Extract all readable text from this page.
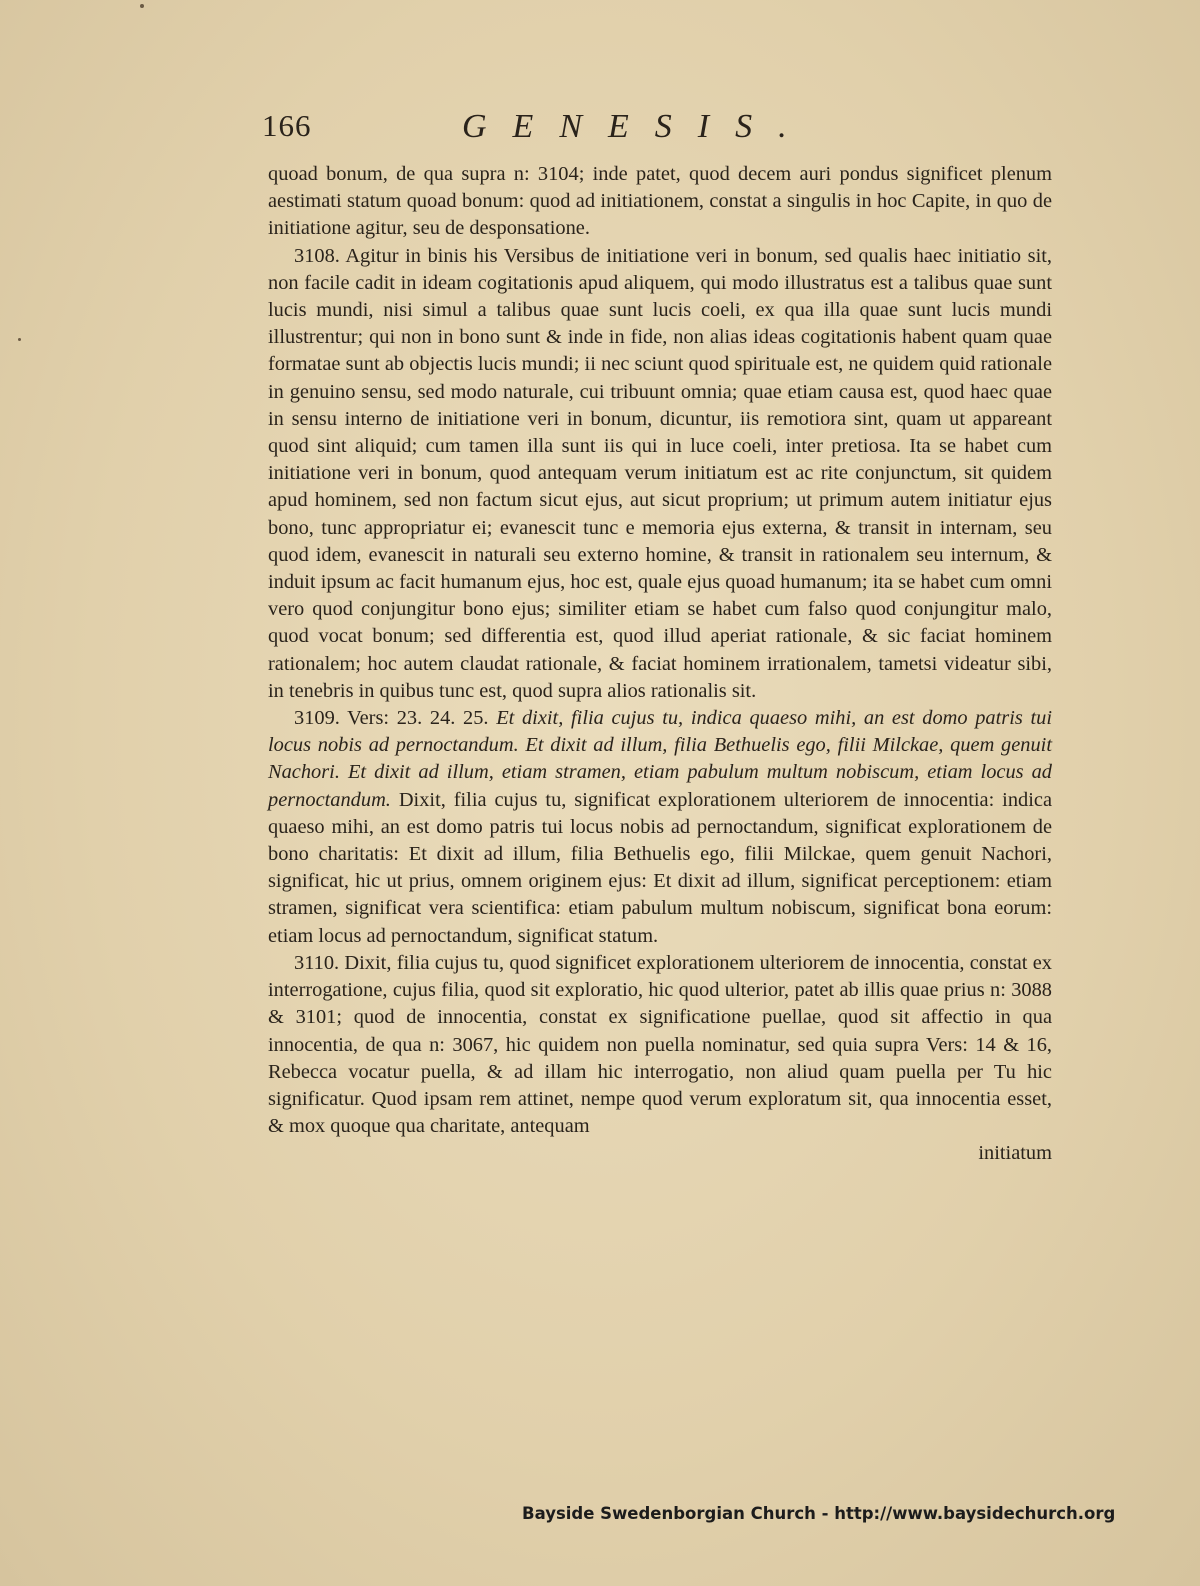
166	GENESIS.

quoad bonum, de qua supra n: 3104; inde patet, quod decem auri pondus significet plenum aestimati statum quoad bonum: quod ad initiationem, constat a singulis in hoc Capite, in quo de initiatione agitur, seu de desponsatione.

3108. Agitur in binis his Versibus de initiatione veri in bonum, sed qualis haec initiatio sit, non facile cadit in ideam cogitationis apud aliquem, qui modo illustratus est a talibus quae sunt lucis mundi, nisi simul a talibus quae sunt lucis coeli, ex qua illa quae sunt lucis mundi illustrentur; qui non in bono sunt & inde in fide, non alias ideas cogitationis habent quam quae formatae sunt ab objectis lucis mundi; ii nec sciunt quod spirituale est, ne quidem quid rationale in genuino sensu, sed modo naturale, cui tribuunt omnia; quae etiam causa est, quod haec quae in sensu interno de initiatione veri in bonum, dicuntur, iis remotiora sint, quam ut appareant quod sint aliquid; cum tamen illa sunt iis qui in luce coeli, inter pretiosa. Ita se habet cum initiatione veri in bonum, quod antequam verum initiatum est ac rite conjunctum, sit quidem apud hominem, sed non factum sicut ejus, aut sicut proprium; ut primum autem initiatur ejus bono, tunc appropriatur ei; evanescit tunc e memoria ejus externa, & transit in internam, seu quod idem, evanescit in naturali seu externo homine, & transit in rationalem seu internum, & induit ipsum ac facit humanum ejus, hoc est, quale ejus quoad humanum; ita se habet cum omni vero quod conjungitur bono ejus; similiter etiam se habet cum falso quod conjungitur malo, quod vocat bonum; sed differentia est, quod illud aperiat rationale, & sic faciat hominem rationalem; hoc autem claudat rationale, & faciat hominem irrationalem, tametsi videatur sibi, in tenebris in quibus tunc est, quod supra alios rationalis sit.

3109. Vers: 23. 24. 25. Et dixit, filia cujus tu, indica quaeso mihi, an est domo patris tui locus nobis ad pernoctandum. Et dixit ad illum, filia Bethuelis ego, filii Milckae, quem genuit Nachori. Et dixit ad illum, etiam stramen, etiam pabulum multum nobiscum, etiam locus ad pernoctandum. Dixit, filia cujus tu, significat explorationem ulteriorem de innocentia: indica quaeso mihi, an est domo patris tui locus nobis ad pernoctandum, significat explorationem de bono charitatis: Et dixit ad illum, filia Bethuelis ego, filii Milckae, quem genuit Nachori, significat, hic ut prius, omnem originem ejus: Et dixit ad illum, significat perceptionem: etiam stramen, significat vera scientifica: etiam pabulum multum nobiscum, significat bona eorum: etiam locus ad pernoctandum, significat statum.

3110. Dixit, filia cujus tu, quod significet explorationem ulteriorem de innocentia, constat ex interrogatione, cujus filia, quod sit exploratio, hic quod ulterior, patet ab illis quae prius n: 3088 & 3101; quod de innocentia, constat ex significatione puellae, quod sit affectio in qua innocentia, de qua n: 3067, hic quidem non puella nominatur, sed quia supra Vers: 14 & 16, Rebecca vocatur puella, & ad illam hic interrogatio, non aliud quam puella per Tu hic significatur. Quod ipsam rem attinet, nempe quod verum exploratum sit, qua innocentia esset, & mox quoque qua charitate, antequam

initiatum
Bayside Swedenborgian Church - http://www.baysidechurch.org
